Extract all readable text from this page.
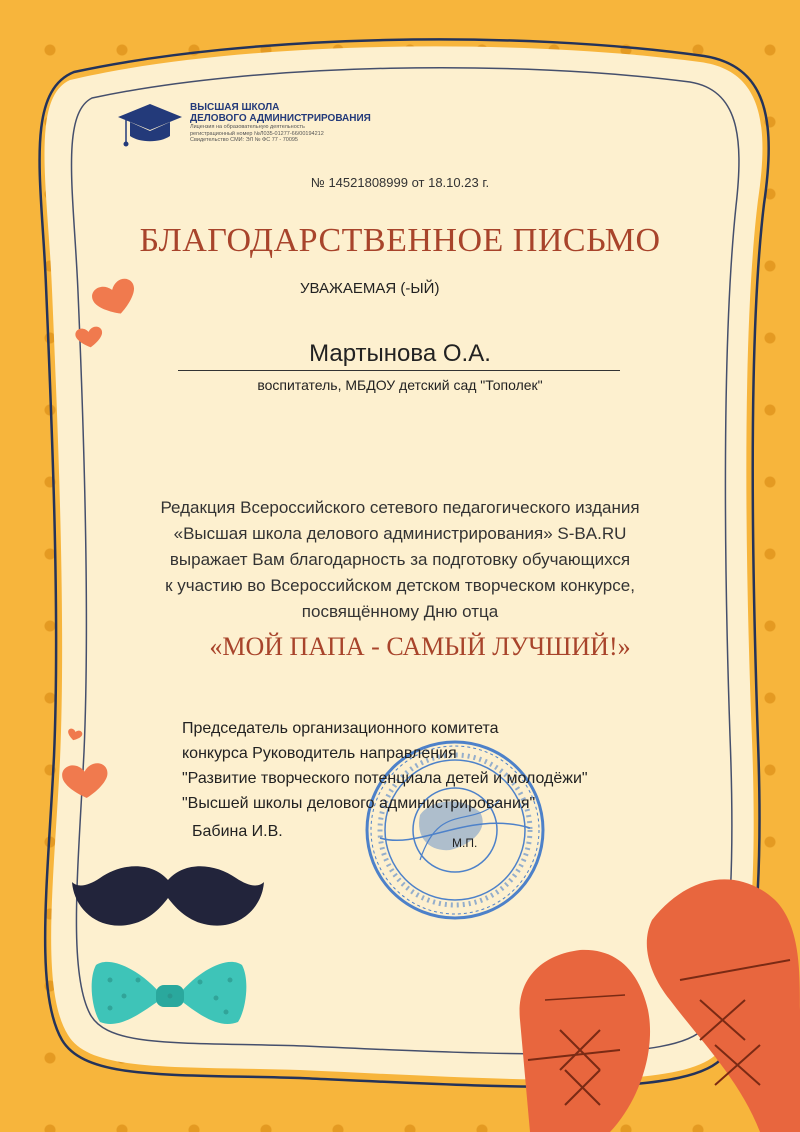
ВЫСШАЯ ШКОЛА
ДЕЛОВОГО АДМИНИСТРИРОВАНИЯ
Лицензия на образовательную деятельность
регистрационный номер №Л035-01277-66/00194212
Свидетельство СМИ: ЭЛ № ФС 77 - 70095
№ 14521808999 от 18.10.23 г.
БЛАГОДАРСТВЕННОЕ ПИСЬМО
УВАЖАЕМАЯ (-ЫЙ)
Мартынова О.А.
воспитатель, МБДОУ детский сад "Тополек"
Редакция Всероссийского сетевого педагогического издания
«Высшая школа делового администрирования» S-BA.RU
выражает Вам благодарность за подготовку обучающихся
к участию во Всероссийском детском творческом конкурсе,
посвящённому Дню отца
«МОЙ ПАПА - САМЫЙ ЛУЧШИЙ!»
Председатель организационного комитета
конкурса Руководитель направления
"Развитие творческого потенциала детей и молодёжи"
"Высшей школы делового администрирования"
Бабина И.В.
М.П.
